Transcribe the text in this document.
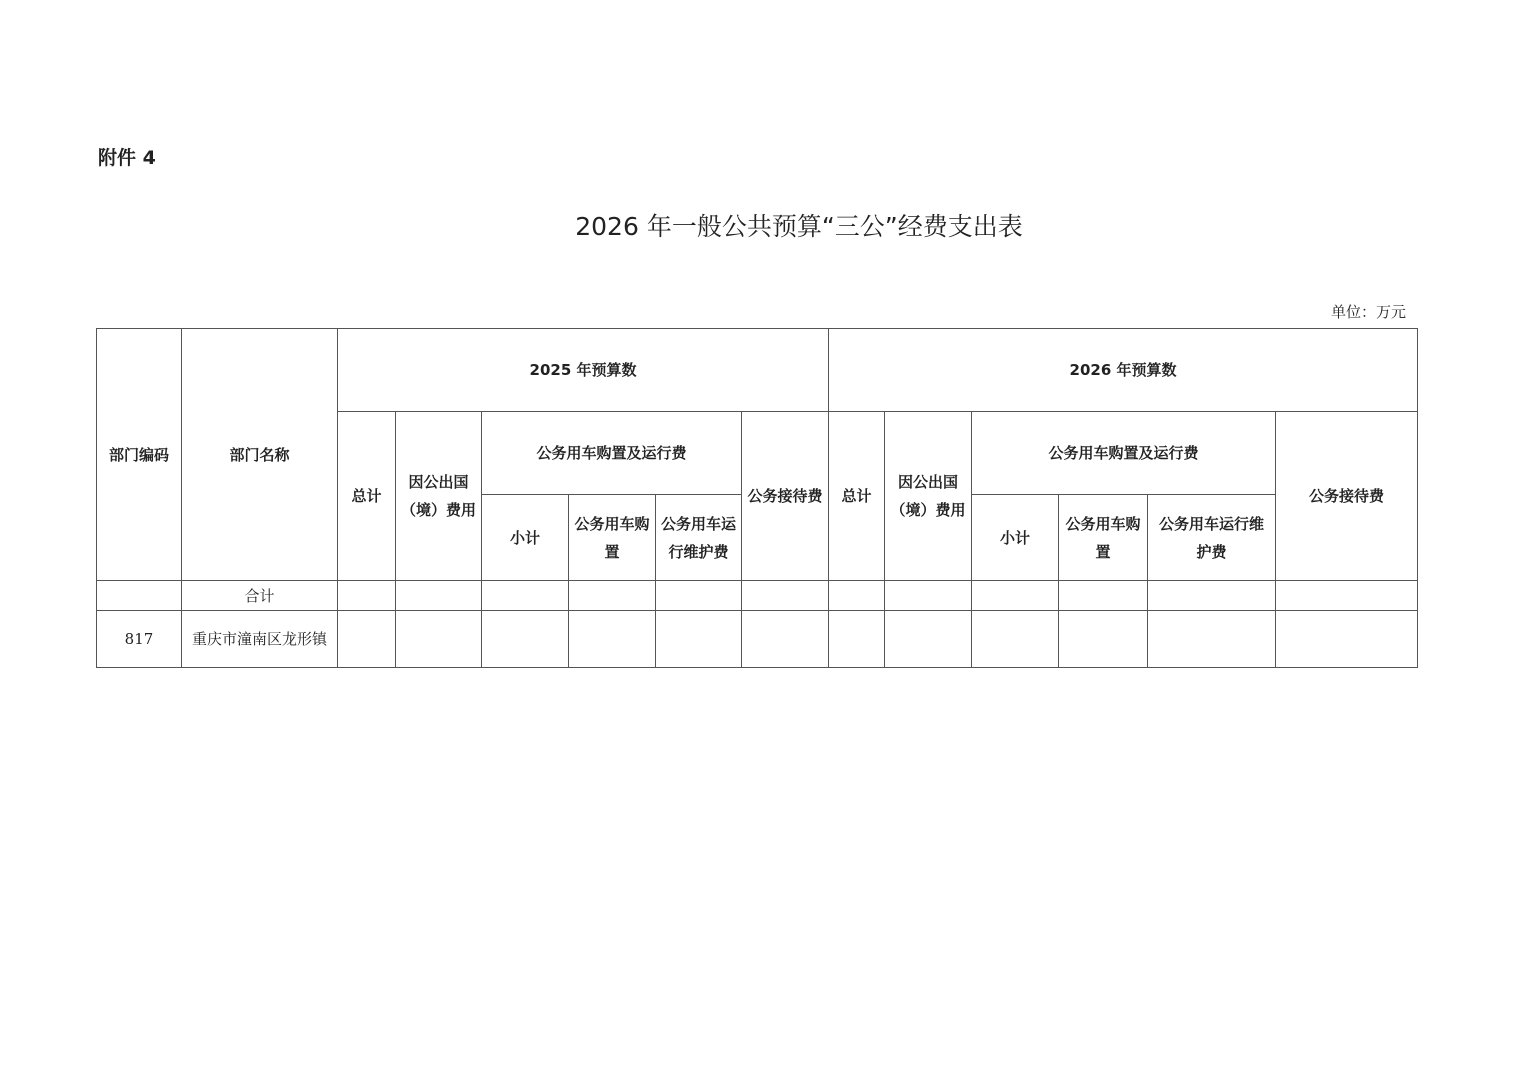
附件 4
2026 年一般公共预算“三公”经费支出表
单位：万元
部门编码	部门名称	2025 年预算数						2026 年预算数					
		总计	因公出国（境）费用	公务用车购置及运行费			公务接待费	总计	因公出国（境）费用	公务用车购置及运行费			公务接待费
				小计	公务用车购置	公务用车运行维护费				小计	公务用车购置	公务用车运行维护费	
	合计												
817	重庆市潼南区龙形镇												
